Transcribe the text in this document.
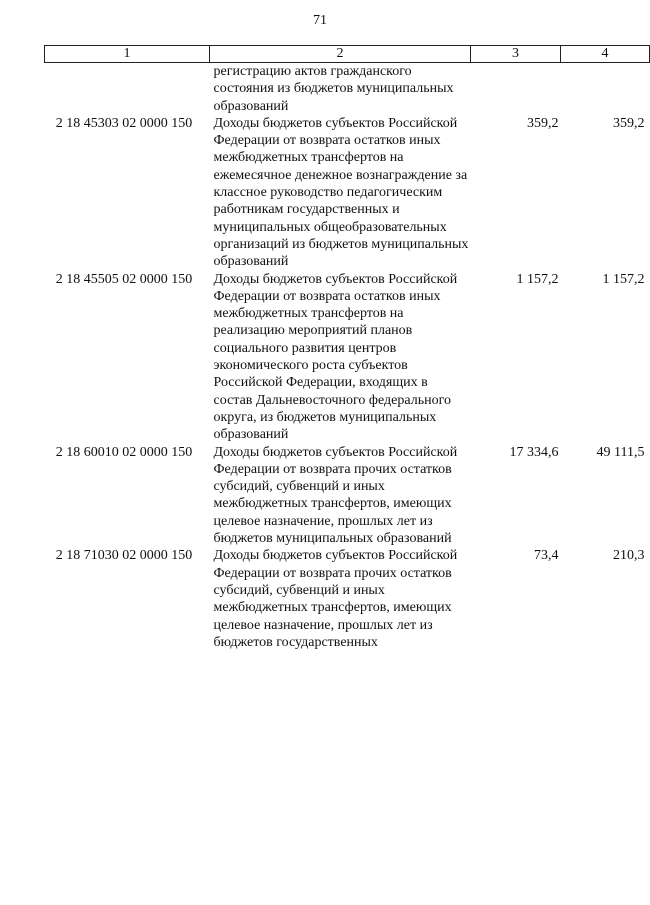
71
1	2	3	4
	регистрацию актов гражданского состояния из бюджетов муниципальных образований		
2 18 45303 02 0000 150	Доходы бюджетов субъектов Российской Федерации от возврата остатков иных межбюджетных трансфертов на ежемесячное денежное вознаграждение за классное руководство педагогическим работникам государственных и муниципальных общеобразовательных организаций из бюджетов муниципальных образований	359,2	359,2
2 18 45505 02 0000 150	Доходы бюджетов субъектов Российской Федерации от возврата остатков иных межбюджетных трансфертов на реализацию мероприятий планов социального развития центров экономического роста субъектов Российской Федерации, входящих в состав Дальневосточного федерального округа, из бюджетов муниципальных образований	1 157,2	1 157,2
2 18 60010 02 0000 150	Доходы бюджетов субъектов Российской Федерации от возврата прочих остатков субсидий, субвенций и иных межбюджетных трансфертов, имеющих целевое назначение, прошлых лет из бюджетов муниципальных образований	17 334,6	49 111,5
2 18 71030 02 0000 150	Доходы бюджетов субъектов Российской Федерации от возврата прочих остатков субсидий, субвенций и иных межбюджетных трансфертов, имеющих целевое назначение, прошлых лет из бюджетов государственных	73,4	210,3
